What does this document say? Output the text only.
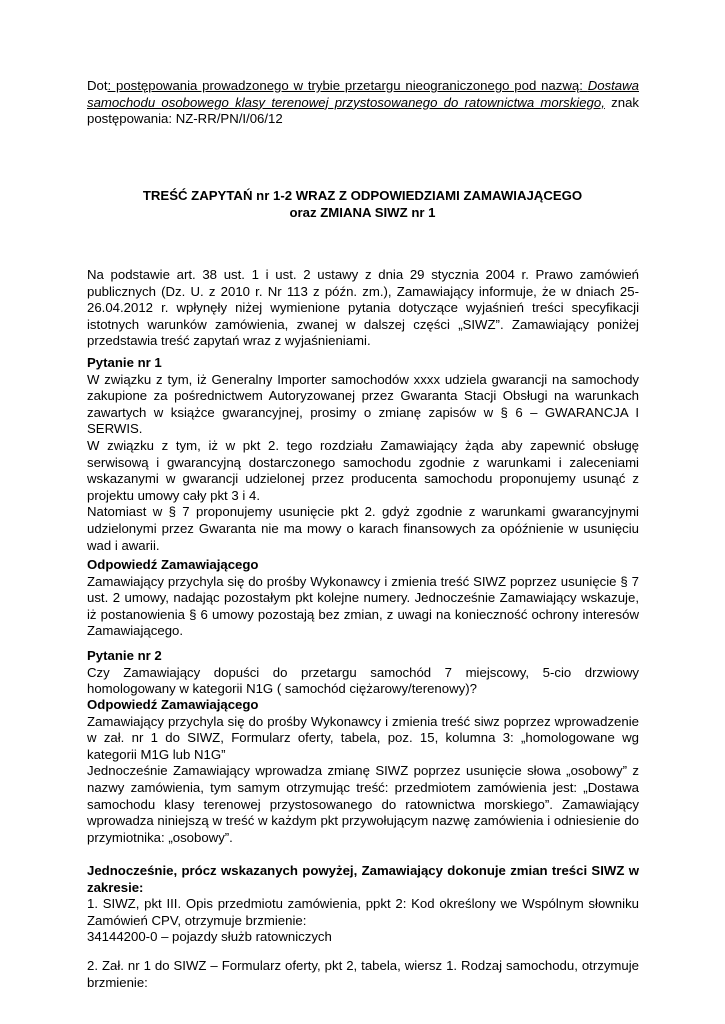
Dot: postępowania prowadzonego w trybie przetargu nieograniczonego pod nazwą: Dostawa samochodu osobowego klasy terenowej przystosowanego do ratownictwa morskiego, znak postępowania: NZ-RR/PN/I/06/12
TREŚĆ ZAPYTAŃ nr 1-2 WRAZ Z ODPOWIEDZIAMI ZAMAWIAJĄCEGO
oraz ZMIANA SIWZ nr 1
Na podstawie art. 38 ust. 1 i ust. 2 ustawy z dnia 29 stycznia 2004 r. Prawo zamówień publicznych (Dz. U. z 2010 r. Nr 113 z późn. zm.), Zamawiający informuje, że w dniach 25-26.04.2012 r. wpłynęły niżej wymienione pytania dotyczące wyjaśnień treści specyfikacji istotnych warunków zamówienia, zwanej w dalszej części „SIWZ”. Zamawiający poniżej przedstawia treść zapytań wraz z wyjaśnieniami.

Pytanie nr 1

W związku z tym, iż Generalny Importer samochodów xxxx udziela gwarancji na samochody zakupione za pośrednictwem Autoryzowanej przez Gwaranta Stacji Obsługi na warunkach zawartych w książce gwarancyjnej, prosimy o zmianę zapisów w § 6 – GWARANCJA I SERWIS.

W związku z tym, iż w pkt 2. tego rozdziału Zamawiający żąda aby zapewnić obsługę serwisową i gwarancyjną dostarczonego samochodu zgodnie z warunkami i zaleceniami wskazanymi w gwarancji udzielonej przez producenta samochodu proponujemy usunąć z projektu umowy cały pkt 3 i 4.

Natomiast w § 7 proponujemy usunięcie pkt 2. gdyż zgodnie z warunkami gwarancyjnymi udzielonymi przez Gwaranta nie ma mowy o karach finansowych za opóźnienie w usunięciu wad i awarii.

Odpowiedź Zamawiającego

Zamawiający przychyla się do prośby Wykonawcy i zmienia treść SIWZ poprzez usunięcie § 7 ust. 2 umowy, nadając pozostałym pkt kolejne numery. Jednocześnie Zamawiający wskazuje, iż postanowienia § 6 umowy pozostają bez zmian, z uwagi na konieczność ochrony interesów Zamawiającego.

Pytanie nr 2

Czy Zamawiający dopuści do przetargu samochód 7 miejscowy, 5-cio drzwiowy homologowany w kategorii N1G ( samochód ciężarowy/terenowy)?

Odpowiedź Zamawiającego

Zamawiający przychyla się do prośby Wykonawcy i zmienia treść siwz poprzez wprowadzenie w zał. nr 1 do SIWZ, Formularz oferty, tabela, poz. 15, kolumna 3: „homologowane wg kategorii M1G lub N1G”

Jednocześnie Zamawiający wprowadza zmianę SIWZ poprzez usunięcie słowa „osobowy” z nazwy zamówienia, tym samym otrzymując treść: przedmiotem zamówienia jest: „Dostawa samochodu klasy terenowej przystosowanego do ratownictwa morskiego”. Zamawiający wprowadza niniejszą w treść w każdym pkt przywołującym nazwę zamówienia i odniesienie do przymiotnika: „osobowy”.

Jednocześnie, prócz wskazanych powyżej, Zamawiający dokonuje zmian treści SIWZ w zakresie:

1. SIWZ, pkt III. Opis przedmiotu zamówienia, ppkt 2: Kod określony we Wspólnym słowniku Zamówień CPV, otrzymuje brzmienie:

34144200-0 – pojazdy służb ratowniczych

2. Zał. nr 1 do SIWZ – Formularz oferty, pkt 2, tabela, wiersz 1. Rodzaj samochodu, otrzymuje brzmienie:
